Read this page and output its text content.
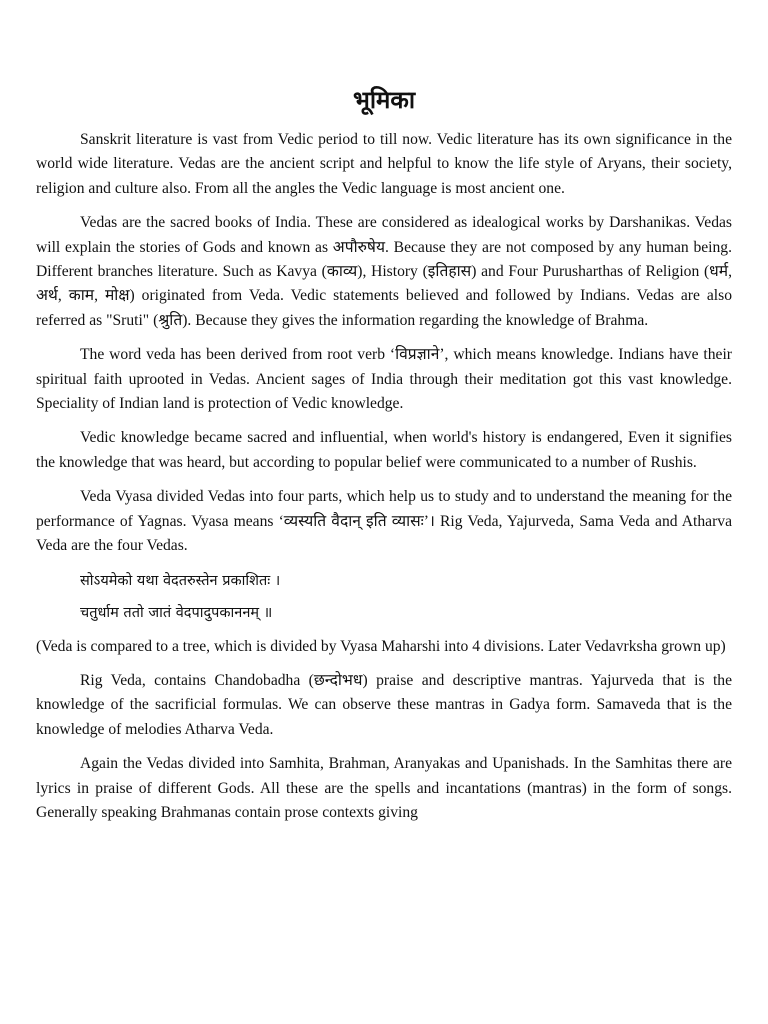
भूमिका

Sanskrit literature is vast from Vedic period to till now. Vedic literature has its own significance in the world wide literature. Vedas are the ancient script and helpful to know the life style of Aryans, their society, religion and culture also. From all the angles the Vedic language is most ancient one.

Vedas are the sacred books of India. These are considered as idealogical works by Darshanikas. Vedas will explain the stories of Gods and known as अपौरुषेय. Because they are not composed by any human being. Different branches literature. Such as Kavya (काव्य), History (इतिहास) and Four Purusharthas of Religion (धर्म, अर्थ, काम, मोक्ष) originated from Veda. Vedic statements believed and followed by Indians. Vedas are also referred as "Sruti" (श्रुति). Because they gives the information regarding the knowledge of Brahma.

The word veda has been derived from root verb ‘विप्रज्ञाने’, which means knowledge. Indians have their spiritual faith uprooted in Vedas. Ancient sages of India through their meditation got this vast knowledge. Speciality of Indian land is protection of Vedic knowledge.

Vedic knowledge became sacred and influential, when world's history is endangered, Even it signifies the knowledge that was heard, but according to popular belief were communicated to a number of Rushis.

Veda Vyasa divided Vedas into four parts, which help us to study and to understand the meaning for the performance of Yagnas. Vyasa means ‘व्यस्यति वैदान् इति व्यासः’। Rig Veda, Yajurveda, Sama Veda and Atharva Veda are the four Vedas.

सोऽयमेको यथा वेदतरुस्तेन प्रकाशितः ।
चतुर्धाम ततो जातं वेदपादुपकाननम् ॥

(Veda is compared to a tree, which is divided by Vyasa Maharshi into 4 divisions. Later Vedavrksha grown up)

Rig Veda, contains Chandobadha (छन्दोभध) praise and descriptive mantras. Yajurveda that is the knowledge of the sacrificial formulas. We can observe these mantras in Gadya form. Samaveda that is the knowledge of melodies Atharva Veda.

Again the Vedas divided into Samhita, Brahman, Aranyakas and Upanishads. In the Samhitas there are lyrics in praise of different Gods. All these are the spells and incantations (mantras) in the form of songs. Generally speaking Brahmanas contain prose contexts giving
